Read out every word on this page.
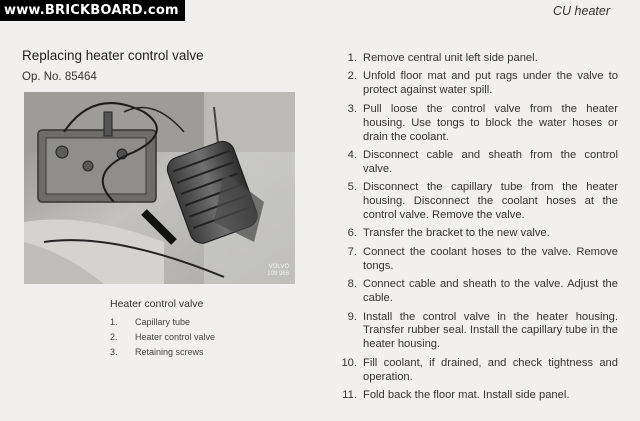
www.BRICKBOARD.com	CU heater

Replacing heater control valve
Op. No. 85464
VOLVO
109 966
Heater control valve
1.	Capillary tube
2.	Heater control valve
3.	Retaining screws
1. Remove central unit left side panel.
2. Unfold floor mat and put rags under the valve to protect against water spill.
3. Pull loose the control valve from the heater housing. Use tongs to block the water hoses or drain the coolant.
4. Disconnect cable and sheath from the control valve.
5. Disconnect the capillary tube from the heater housing. Disconnect the coolant hoses at the control valve. Remove the valve.
6. Transfer the bracket to the new valve.
7. Connect the coolant hoses to the valve. Remove tongs.
8. Connect cable and sheath to the valve. Adjust the cable.
9. Install the control valve in the heater housing. Transfer rubber seal. Install the capillary tube in the heater housing.
10. Fill coolant, if drained, and check tightness and operation.
11. Fold back the floor mat. Install side panel.
